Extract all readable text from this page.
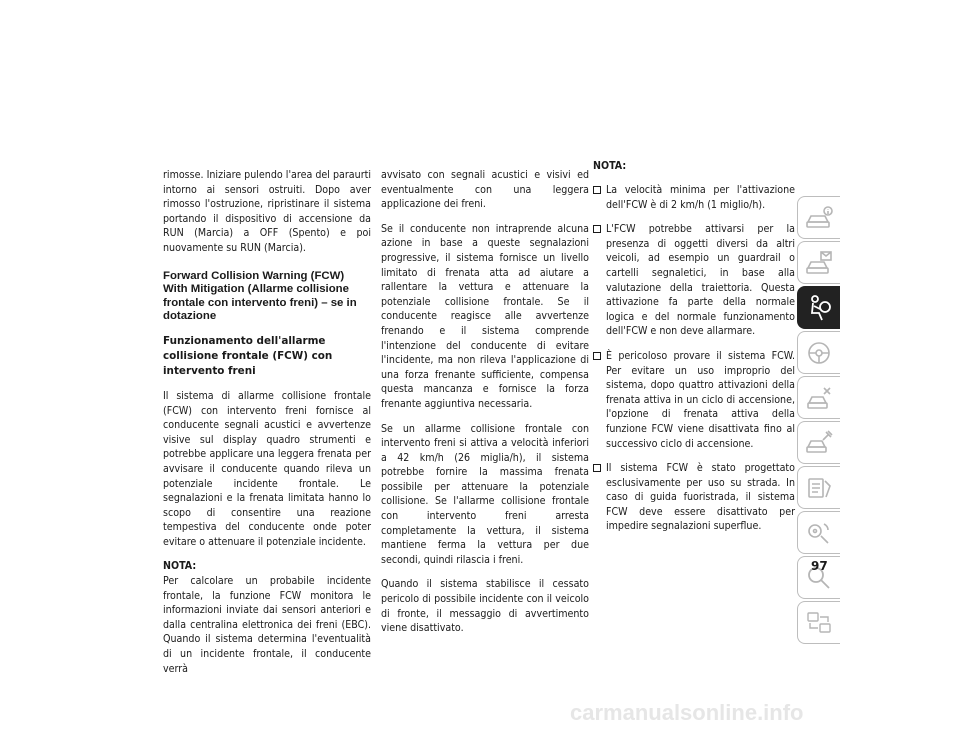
rimosse. Iniziare pulendo l'area del paraurti intorno ai sensori ostruiti. Dopo aver rimosso l'ostruzione, ripristinare il sistema portando il dispositivo di accensione da RUN (Marcia) a OFF (Spento) e poi nuovamente su RUN (Marcia).

Forward Collision Warning (FCW) With Mitigation (Allarme collisione frontale con intervento freni) – se in dotazione
Funzionamento dell'allarme collisione frontale (FCW) con intervento freni

Il sistema di allarme collisione frontale (FCW) con intervento freni fornisce al conducente segnali acustici e avvertenze visive sul display quadro strumenti e potrebbe applicare una leggera frenata per avvisare il conducente quando rileva un potenziale incidente frontale. Le segnalazioni e la frenata limitata hanno lo scopo di consentire una reazione tempestiva del conducente onde poter evitare o attenuare il potenziale incidente.

NOTA:
Per calcolare un probabile incidente frontale, la funzione FCW monitora le informazioni inviate dai sensori anteriori e dalla centralina elettronica dei freni (EBC). Quando il sistema determina l'eventualità di un incidente frontale, il conducente verrà

avvisato con segnali acustici e visivi ed eventualmente con una leggera applicazione dei freni.

Se il conducente non intraprende alcuna azione in base a queste segnalazioni progressive, il sistema fornisce un livello limitato di frenata atta ad aiutare a rallentare la vettura e attenuare la potenziale collisione frontale. Se il conducente reagisce alle avvertenze frenando e il sistema comprende l'intenzione del conducente di evitare l'incidente, ma non rileva l'applicazione di una forza frenante sufficiente, compensa questa mancanza e fornisce la forza frenante aggiuntiva necessaria.

Se un allarme collisione frontale con intervento freni si attiva a velocità inferiori a 42 km/h (26 miglia/h), il sistema potrebbe fornire la massima frenata possibile per attenuare la potenziale collisione. Se l'allarme collisione frontale con intervento freni arresta completamente la vettura, il sistema mantiene ferma la vettura per due secondi, quindi rilascia i freni.

Quando il sistema stabilisce il cessato pericolo di possibile incidente con il veicolo di fronte, il messaggio di avvertimento viene disattivato.

NOTA:
La velocità minima per l'attivazione dell'FCW è di 2 km/h (1 miglio/h).
L'FCW potrebbe attivarsi per la presenza di oggetti diversi da altri veicoli, ad esempio un guardrail o cartelli segnaletici, in base alla valutazione della traiettoria. Questa attivazione fa parte della normale logica e del normale funzionamento dell'FCW e non deve allarmare.
È pericoloso provare il sistema FCW. Per evitare un uso improprio del sistema, dopo quattro attivazioni della frenata attiva in un ciclo di accensione, l'opzione di frenata attiva della funzione FCW viene disattivata fino al successivo ciclo di accensione.
Il sistema FCW è stato progettato esclusivamente per uso su strada. In caso di guida fuoristrada, il sistema FCW deve essere disattivato per impedire segnalazioni superflue.
97
carmanualsonline.info
